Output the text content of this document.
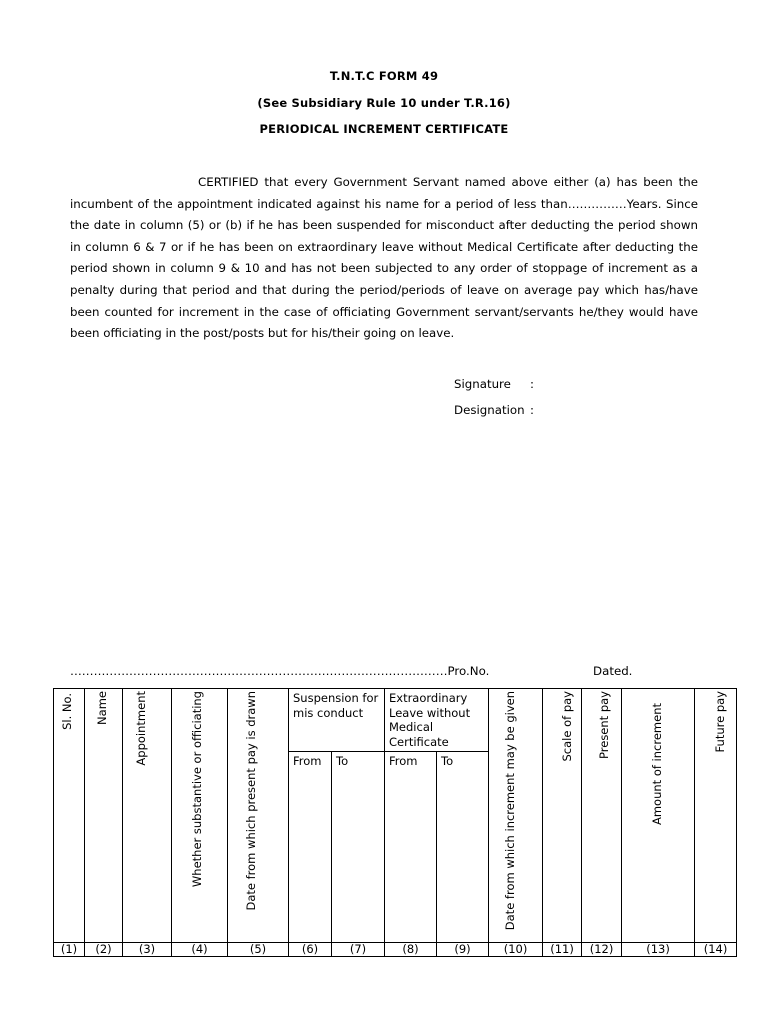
T.N.T.C FORM 49
(See Subsidiary Rule 10 under T.R.16)
PERIODICAL INCREMENT CERTIFICATE
CERTIFIED that every Government Servant named above either (a) has been the incumbent of the appointment indicated against his name for a period of less than……………Years. Since the date in column (5) or (b) if he has been suspended for misconduct after deducting the period shown in column 6 & 7 or if he has been on extraordinary leave without Medical Certificate after deducting the period shown in column 9 & 10 and has not been subjected to any order of stoppage of increment as a penalty during that period and that during the period/periods of leave on average pay which has/have been counted for increment in the case of officiating Government servant/servants he/they would have been officiating in the post/posts but for his/their going on leave.
Signature :
Designation :
……………………………………………………………………………………Pro.No.	Dated.
Sl. No.	Name	Appointment	Whether substantive or officiating	Date from which present pay is drawn	Suspension for mis conduct		Extraordinary Leave without Medical Certificate		Date from which increment may be given	Scale of pay	Present pay	Amount of increment	Future pay

					From	To	From	To					
(1)	(2)	(3)	(4)	(5)	(6)	(7)	(8)	(9)	(10)	(11)	(12)	(13)	(14)
